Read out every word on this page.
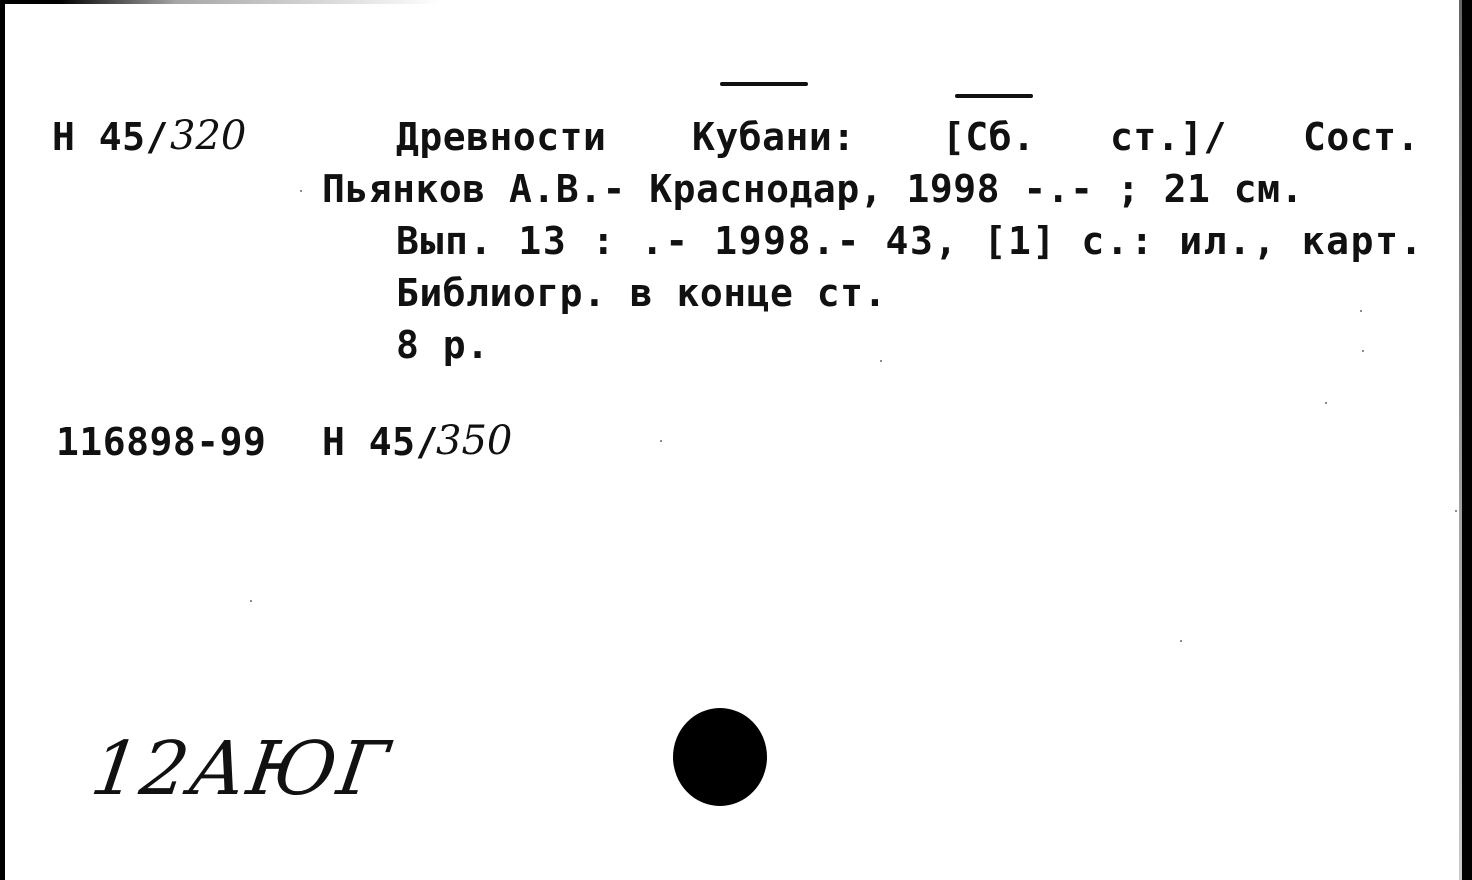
Н 45/ 320	Древности Кубани: [Сб. ст.]/ Сост.
Пьянков А.В.- Краснодар, 1998 -.- ; 21 см.
Вып. 13 : .- 1998.- 43, [1] с.: ил., карт.
Библиогр. в конце ст.
8 р.
116898-99 Н 45/
350
12АЮГ
